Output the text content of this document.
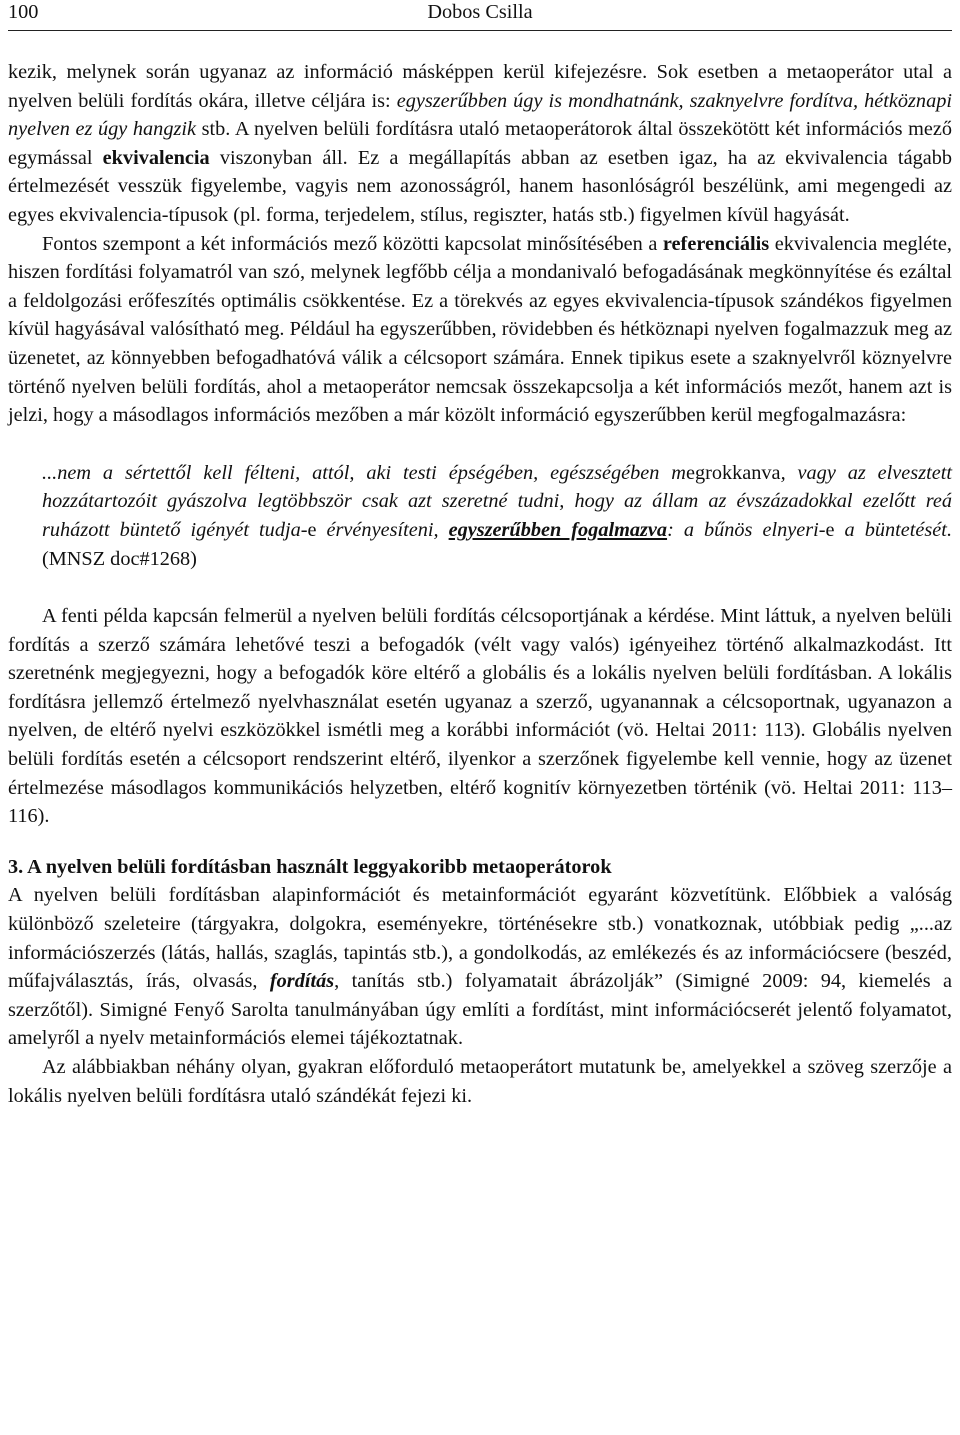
100	Dobos Csilla

kezik, melynek során ugyanaz az információ másképpen kerül kifejezésre. Sok esetben a metaoperátor utal a nyelven belüli fordítás okára, illetve céljára is: egyszerűbben úgy is mondhatnánk, szaknyelvre fordítva, hétköznapi nyelven ez úgy hangzik stb. A nyelven belüli fordításra utaló metaoperátorok által összekötött két információs mező egymással ekvivalencia viszonyban áll. Ez a megállapítás abban az esetben igaz, ha az ekvivalencia tágabb értelmezését vesszük figyelembe, vagyis nem azonosságról, hanem hasonlóságról beszélünk, ami megengedi az egyes ekvivalencia-típusok (pl. forma, terjedelem, stílus, regiszter, hatás stb.) figyelmen kívül hagyását.

Fontos szempont a két információs mező közötti kapcsolat minősítésében a referenciális ekvivalencia megléte, hiszen fordítási folyamatról van szó, melynek legfőbb célja a mondanivaló befogadásának megkönnyítése és ezáltal a feldolgozási erőfeszítés optimális csökkentése. Ez a törekvés az egyes ekvivalencia-típusok szándékos figyelmen kívül hagyásával valósítható meg. Például ha egyszerűbben, rövidebben és hétköznapi nyelven fogalmazzuk meg az üzenetet, az könnyebben befogadhatóvá válik a célcsoport számára. Ennek tipikus esete a szaknyelvről köznyelvre történő nyelven belüli fordítás, ahol a metaoperátor nemcsak összekapcsolja a két információs mezőt, hanem azt is jelzi, hogy a másodlagos információs mezőben a már közölt információ egyszerűbben kerül megfogalmazásra:

...nem a sértettől kell félteni, attól, aki testi épségében, egészségében megrokkanva, vagy az elvesztett hozzátartozóit gyászolva legtöbbször csak azt szeretné tudni, hogy az állam az évszázadokkal ezelőtt reá ruházott büntető igényét tudja-e érvényesíteni, egyszerűbben fogalmazva: a bűnös elnyeri-e a büntetését. (MNSZ doc#1268)

A fenti példa kapcsán felmerül a nyelven belüli fordítás célcsoportjának a kérdése. Mint láttuk, a nyelven belüli fordítás a szerző számára lehetővé teszi a befogadók (vélt vagy valós) igényeihez történő alkalmazkodást. Itt szeretnénk megjegyezni, hogy a befogadók köre eltérő a globális és a lokális nyelven belüli fordításban. A lokális fordításra jellemző értelmező nyelvhasználat esetén ugyanaz a szerző, ugyanannak a célcsoportnak, ugyanazon a nyelven, de eltérő nyelvi eszközökkel ismétli meg a korábbi információt (vö. Heltai 2011: 113). Globális nyelven belüli fordítás esetén a célcsoport rendszerint eltérő, ilyenkor a szerzőnek figyelembe kell vennie, hogy az üzenet értelmezése másodlagos kommunikációs helyzetben, eltérő kognitív környezetben történik (vö. Heltai 2011: 113–116).

3. A nyelven belüli fordításban használt leggyakoribb metaoperátorok

A nyelven belüli fordításban alapinformációt és metainformációt egyaránt közvetítünk. Előbbiek a valóság különböző szeleteire (tárgyakra, dolgokra, eseményekre, történésekre stb.) vonatkoznak, utóbbiak pedig „...az információszerzés (látás, hallás, szaglás, tapintás stb.), a gondolkodás, az emlékezés és az információcsere (beszéd, műfajválasztás, írás, olvasás, fordítás, tanítás stb.) folyamatait ábrázolják” (Simigné 2009: 94, kiemelés a szerzőtől). Simigné Fenyő Sarolta tanulmányában úgy említi a fordítást, mint információcserét jelentő folyamatot, amelyről a nyelv metainformációs elemei tájékoztatnak.

Az alábbiakban néhány olyan, gyakran előforduló metaoperátort mutatunk be, amelyekkel a szöveg szerzője a lokális nyelven belüli fordításra utaló szándékát fejezi ki.
